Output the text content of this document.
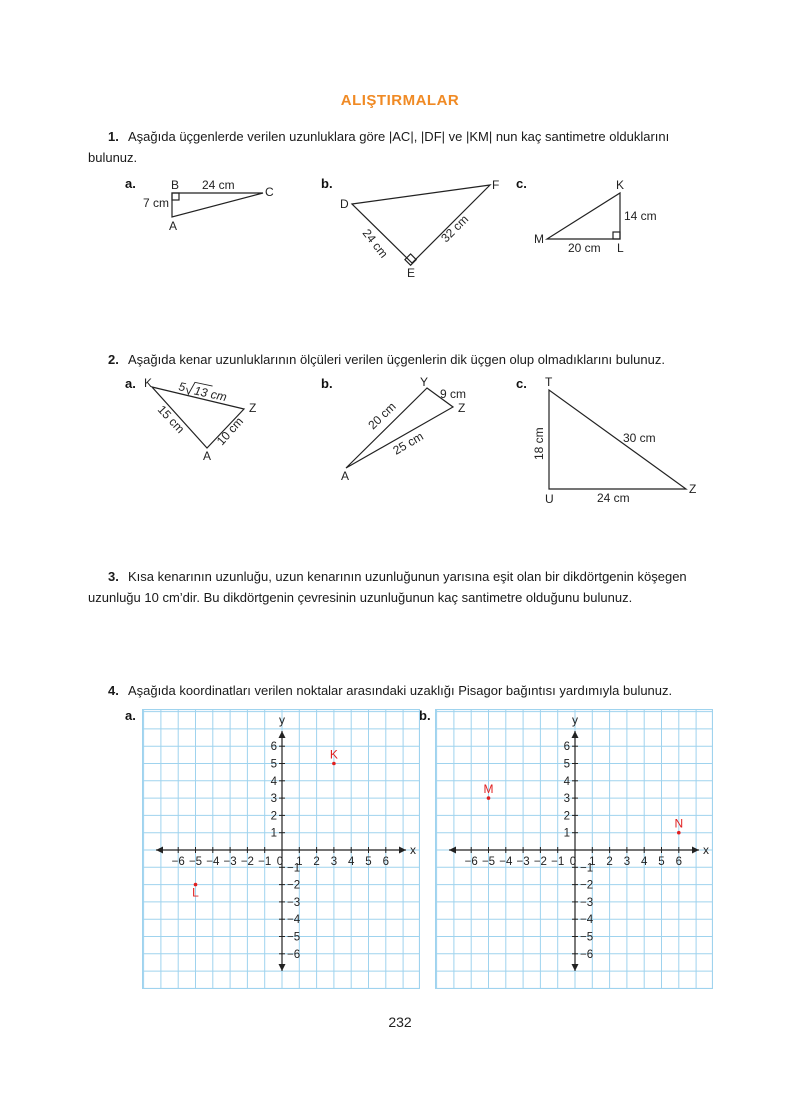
ALIŞTIRMALAR
1. Aşağıda üçgenlerde verilen uzunluklara göre |AC|, |DF| ve |KM| nun kaç santimetre olduklarını
bulunuz.
a.	b.	c.
B	C
A
24 cm
7 cm	D
F
E
24 cm	32 cm
K
M
L
14 cm
20 cm
2. Aşağıda kenar uzunluklarının ölçüleri verilen üçgenlerin dik üçgen olup olmadıklarını bulunuz.
a.	b.	c.
K
Z
A
5 13 cm
15 cm 10 cm
Y
Z
A
9 cm
20 cm
25 cm
T
U
Z
18 cm
24 cm
30 cm
3. Kısa kenarının uzunluğu, uzun kenarının uzunluğunun yarısına eşit olan bir dikdörtgenin köşegen
uzunluğu 10 cm’dir. Bu dikdörtgenin çevresinin uzunluğunun kaç santimetre olduğunu bulunuz.
4. Aşağıda koordinatları verilen noktalar arasındaki uzaklığı Pisagor bağıntısı yardımıyla bulunuz.
a.	b.
x
y
0
−6 −5 −4 −3 −2 −1 1 2 3 4 5 6
6
5
4
3
2
1
−1
−2
−3
−4
−5
−6
K
L
x
y
0
−6 −5 −4 −3 −2 −1 1 2 3 4 5 6
6
5
4
3
2
1
−1
−2
−3
−4
−5
−6
M
N
232
